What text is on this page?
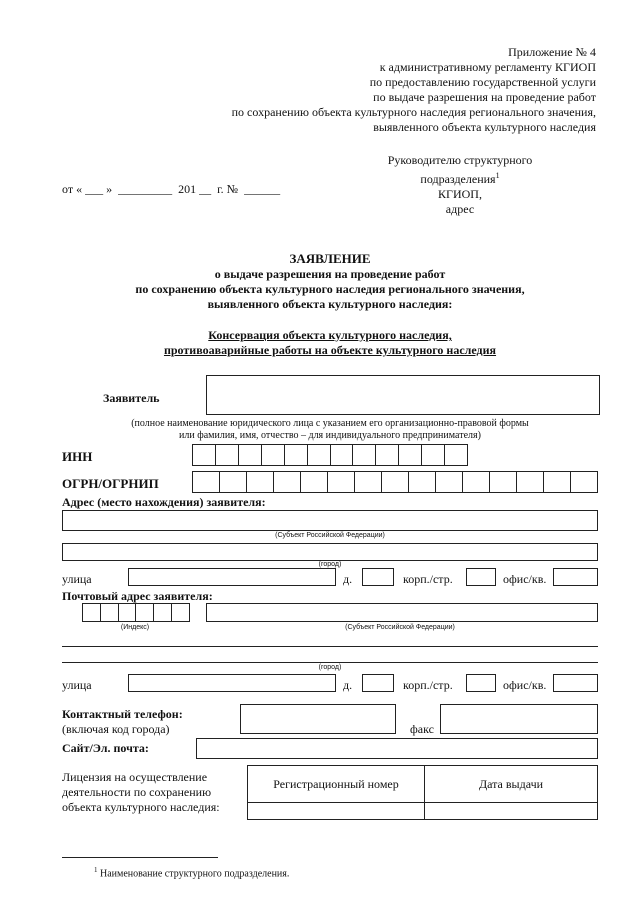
Приложение № 4
к административному регламенту КГИОП
по предоставлению государственной услуги
по выдаче разрешения на проведение работ
по сохранению объекта культурного наследия регионального значения,
выявленного объекта культурного наследия
Руководителю структурного
подразделения$^1$
КГИОП,
адрес
от « ___ »  _________  201 __  г. №  ______
ЗАЯВЛЕНИЕ
о выдаче разрешения на проведение работ
по сохранению объекта культурного наследия регионального значения,
выявленного объекта культурного наследия:
Консервация объекта культурного наследия,
противоаварийные работы на объекте культурного наследия
Заявитель
(полное наименование юридического лица с указанием его организационно-правовой формы
или фамилия, имя, отчество – для индивидуального предпринимателя)
ИНН
ОГРН/ОГРНИП
Адрес (место нахождения) заявителя:
(Субъект Российской Федерации)
(город)
улица	д.	корп./стр.	офис/кв.
Почтовый адрес заявителя:
(Индекс)	(Субъект Российской Федерации)
(город)
улица	д.	корп./стр.	офис/кв.
Контактный телефон:
(включая код города)	факс
Сайт/Эл. почта:
Лицензия на осуществление
деятельности по сохранению
объекта культурного наследия:
Регистрационный номер	Дата выдачи

$^1$ Наименование структурного подразделения.
